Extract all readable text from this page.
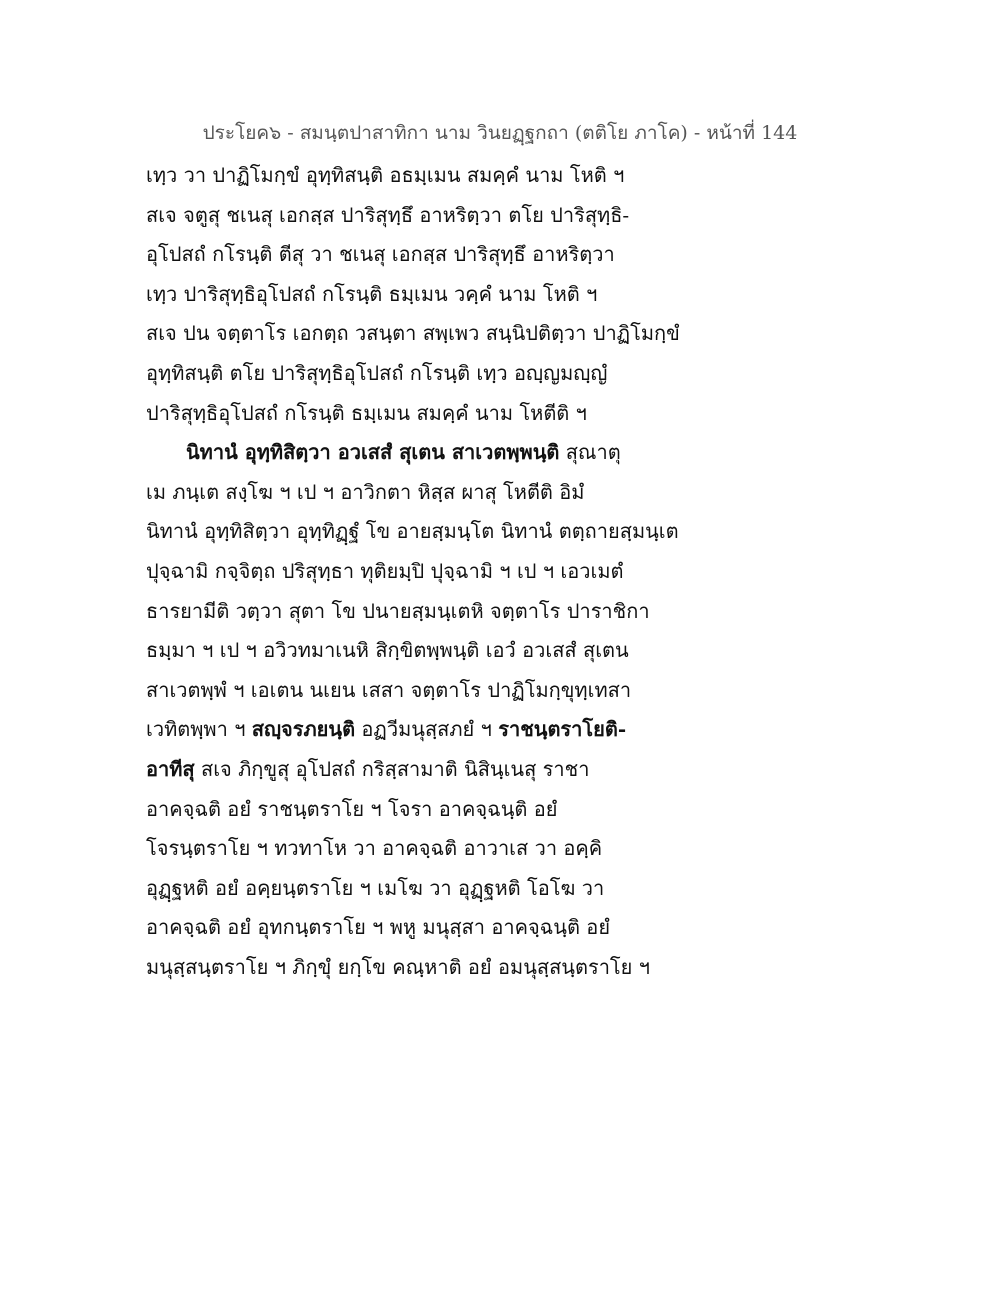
ประโยค๖ - สมนฺตปาสาทิกา นาม วินยฏฺฐกถา (ตติโย ภาโค) - หน้าที่ 144
เทฺว วา ปาฏิโมกฺขํ อุทฺทิสนฺติ อธมฺเมน สมคฺคํ นาม โหติ ฯ
สเจ จตูสุ ชเนสุ เอกสฺส ปาริสุทฺธึ อาหริตฺวา ตโย ปาริสุทฺธิ-
อุโปสถํ กโรนฺติ ตีสุ วา ชเนสุ เอกสฺส ปาริสุทฺธึ อาหริตฺวา
เทฺว ปาริสุทฺธิอุโปสถํ กโรนฺติ ธมฺเมน วคฺคํ นาม โหติ ฯ
สเจ ปน จตฺตาโร เอกตฺถ วสนฺตา สพฺเพว สนฺนิปติตฺวา ปาฏิโมกฺขํ
อุทฺทิสนฺติ ตโย ปาริสุทฺธิอุโปสถํ กโรนฺติ เทฺว อญฺญมญฺญํ
ปาริสุทฺธิอุโปสถํ กโรนฺติ ธมฺเมน สมคฺคํ นาม โหตีติ ฯ
นิทานํ อุทฺทิสิตฺวา อวเสสํ สุเตน สาเวตพฺพนฺติ สุณาตุ
เม ภนฺเต สงฺโฆ ฯ เป ฯ อาวิกตา หิสฺส ผาสุ โหตีติ อิมํ
นิทานํ อุทฺทิสิตฺวา อุทฺทิฏฺฐํ โข อายสฺมนฺโต นิทานํ ตตฺถายสฺมนฺเต
ปุจฺฉามิ กจฺจิตฺถ ปริสุทฺธา ทุติยมฺปิ ปุจฺฉามิ ฯ เป ฯ เอวเมตํ
ธารยามีติ วตฺวา สุตา โข ปนายสฺมนฺเตหิ จตฺตาโร ปาราชิกา
ธมฺมา ฯ เป ฯ อวิวทมาเนหิ สิกฺขิตพฺพนฺติ เอวํ อวเสสํ สุเตน
สาเวตพฺพํ ฯ เอเตน นเยน เสสา จตฺตาโร ปาฏิโมกฺขุทฺเทสา
เวทิตพฺพา ฯ สญฺจรภยนฺติ อฏวีมนุสฺสภยํ ฯ ราชนฺตราโยติ-
อาทีสุ สเจ ภิกฺขูสุ อุโปสถํ กริสฺสามาติ นิสินฺเนสุ ราชา
อาคจฺฉติ อยํ ราชนฺตราโย ฯ โจรา อาคจฺฉนฺติ อยํ
โจรนฺตราโย ฯ ทวทาโห วา อาคจฺฉติ อาวาเส วา อคฺคิ
อุฏฺฐหติ อยํ อคฺยนฺตราโย ฯ เมโฆ วา อุฏฺฐหติ โอโฆ วา
อาคจฺฉติ อยํ อุทกนฺตราโย ฯ พหู มนุสฺสา อาคจฺฉนฺติ อยํ
มนุสฺสนฺตราโย ฯ ภิกฺขุํ ยกฺโข คณฺหาติ อยํ อมนุสฺสนฺตราโย ฯ
